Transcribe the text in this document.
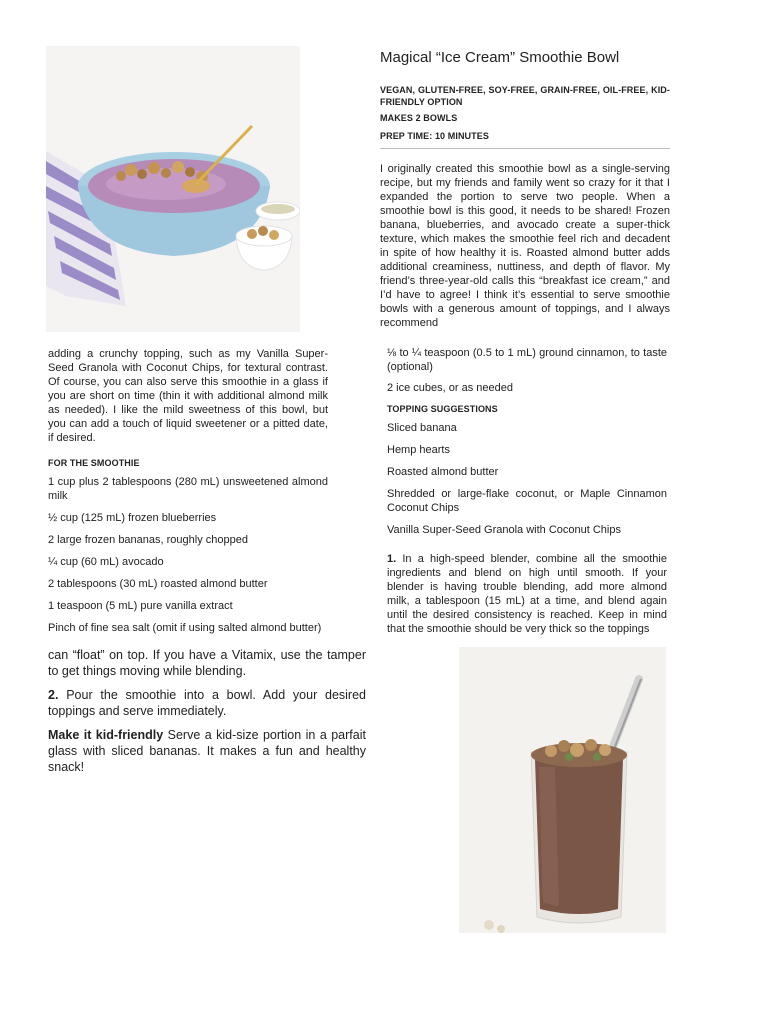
Magical “Ice Cream” Smoothie Bowl
VEGAN, GLUTEN-FREE, SOY-FREE, GRAIN-FREE, OIL-FREE, KID-FRIENDLY OPTION
MAKES 2 BOWLS
PREP TIME: 10 MINUTES
I originally created this smoothie bowl as a single-serving recipe, but my friends and family went so crazy for it that I expanded the portion to serve two people. When a smoothie bowl is this good, it needs to be shared! Frozen banana, blueberries, and avocado create a super-thick texture, which makes the smoothie feel rich and decadent in spite of how healthy it is. Roasted almond butter adds additional creaminess, nuttiness, and depth of flavor. My friend’s three-year-old calls this “breakfast ice cream,” and I’d have to agree! I think it’s essential to serve smoothie bowls with a generous amount of toppings, and I always recommend
adding a crunchy topping, such as my Vanilla Super-Seed Granola with Coconut Chips, for textural contrast. Of course, you can also serve this smoothie in a glass if you are short on time (thin it with additional almond milk as needed). I like the mild sweetness of this bowl, but you can add a touch of liquid sweetener or a pitted date, if desired.
FOR THE SMOOTHIE
1 cup plus 2 tablespoons (280 mL) unsweetened almond milk
½ cup (125 mL) frozen blueberries
2 large frozen bananas, roughly chopped
¼ cup (60 mL) avocado
2 tablespoons (30 mL) roasted almond butter
1 teaspoon (5 mL) pure vanilla extract
Pinch of fine sea salt (omit if using salted almond butter)
⅛ to ¼ teaspoon (0.5 to 1 mL) ground cinnamon, to taste (optional)
2 ice cubes, or as needed
TOPPING SUGGESTIONS
Sliced banana
Hemp hearts
Roasted almond butter
Shredded or large-flake coconut, or Maple Cinnamon Coconut Chips
Vanilla Super-Seed Granola with Coconut Chips
1. In a high-speed blender, combine all the smoothie ingredients and blend on high until smooth. If your blender is having trouble blending, add more almond milk, a tablespoon (15 mL) at a time, and blend again until the desired consistency is reached. Keep in mind that the smoothie should be very thick so the toppings
can “float” on top. If you have a Vitamix, use the tamper to get things moving while blending.
2. Pour the smoothie into a bowl. Add your desired toppings and serve immediately.
Make it kid-friendly Serve a kid-size portion in a parfait glass with sliced bananas. It makes a fun and healthy snack!
